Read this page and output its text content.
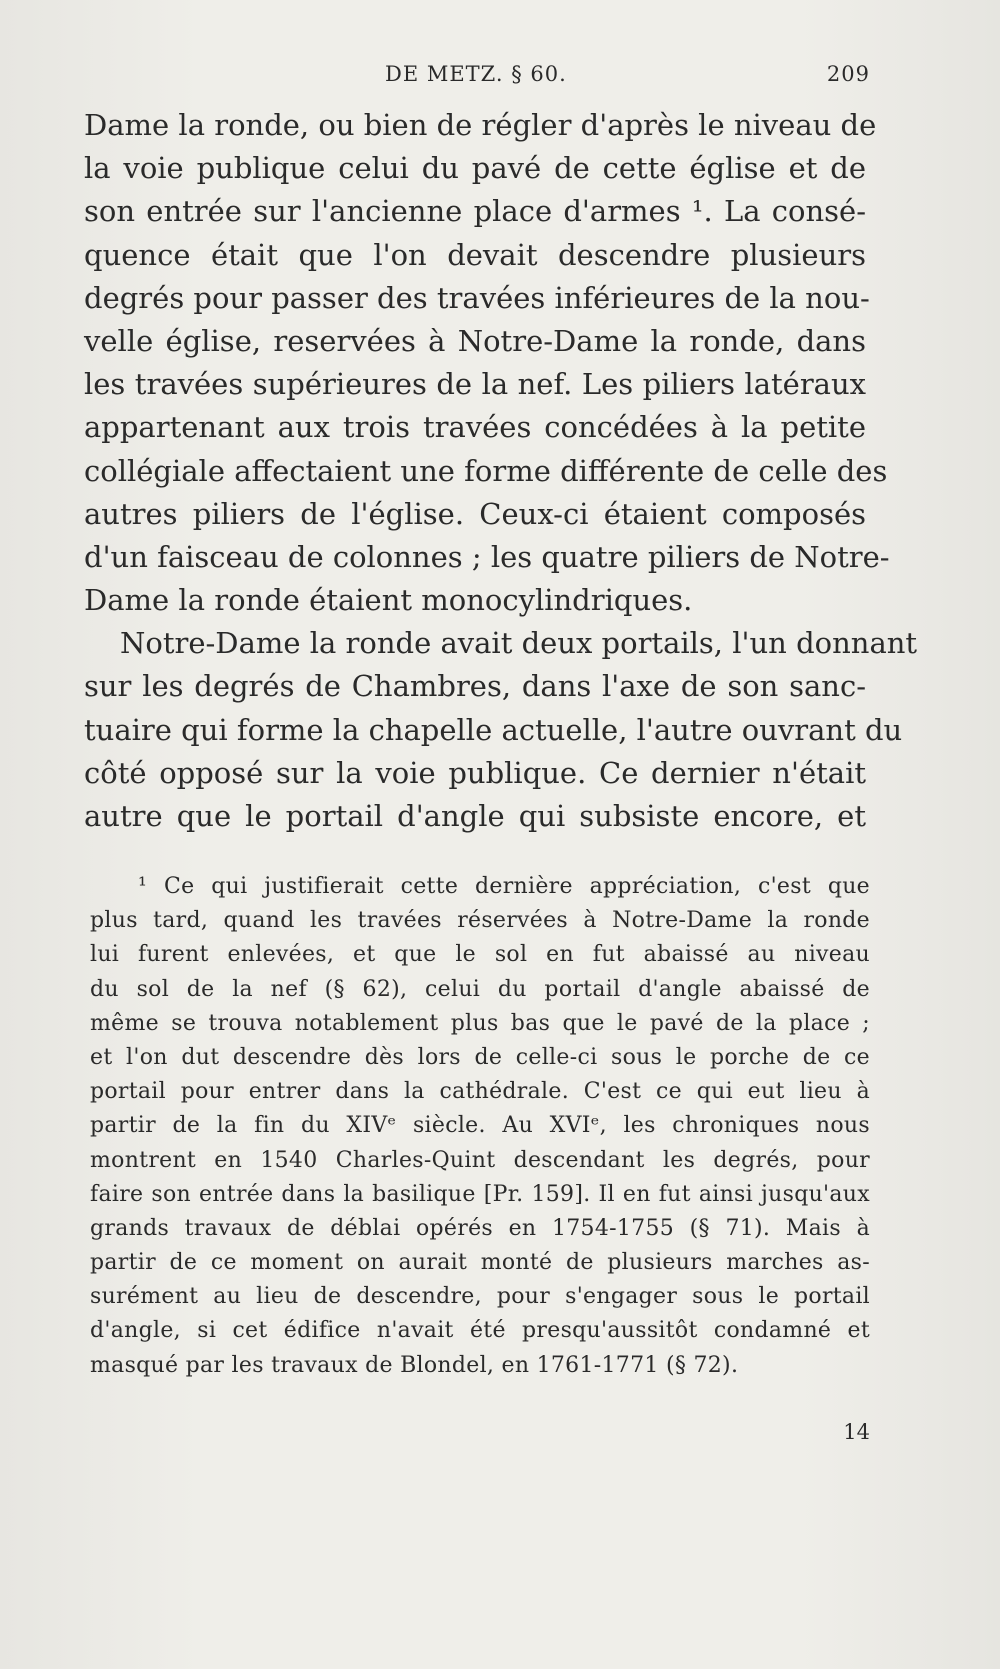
DE METZ. § 60.	209
Dame la ronde, ou bien de régler d'après le niveau de
la voie publique celui du pavé de cette église et de
son entrée sur l'ancienne place d'armes ¹. La consé-
quence était que l'on devait descendre plusieurs
degrés pour passer des travées inférieures de la nou-
velle église, reservées à Notre-Dame la ronde, dans
les travées supérieures de la nef. Les piliers latéraux
appartenant aux trois travées concédées à la petite
collégiale affectaient une forme différente de celle des
autres piliers de l'église. Ceux-ci étaient composés
d'un faisceau de colonnes ; les quatre piliers de Notre-
Dame la ronde étaient monocylindriques.
Notre-Dame la ronde avait deux portails, l'un donnant
sur les degrés de Chambres, dans l'axe de son sanc-
tuaire qui forme la chapelle actuelle, l'autre ouvrant du
côté opposé sur la voie publique. Ce dernier n'était
autre que le portail d'angle qui subsiste encore, et
¹ Ce qui justifierait cette dernière appréciation, c'est que
plus tard, quand les travées réservées à Notre-Dame la ronde
lui furent enlevées, et que le sol en fut abaissé au niveau
du sol de la nef (§ 62), celui du portail d'angle abaissé de
même se trouva notablement plus bas que le pavé de la place ;
et l'on dut descendre dès lors de celle-ci sous le porche de ce
portail pour entrer dans la cathédrale. C'est ce qui eut lieu à
partir de la fin du XIVᵉ siècle. Au XVIᵉ, les chroniques nous
montrent en 1540 Charles-Quint descendant les degrés, pour
faire son entrée dans la basilique [Pr. 159]. Il en fut ainsi jusqu'aux
grands travaux de déblai opérés en 1754-1755 (§ 71). Mais à
partir de ce moment on aurait monté de plusieurs marches as-
surément au lieu de descendre, pour s'engager sous le portail
d'angle, si cet édifice n'avait été presqu'aussitôt condamné et
masqué par les travaux de Blondel, en 1761-1771 (§ 72).
14
